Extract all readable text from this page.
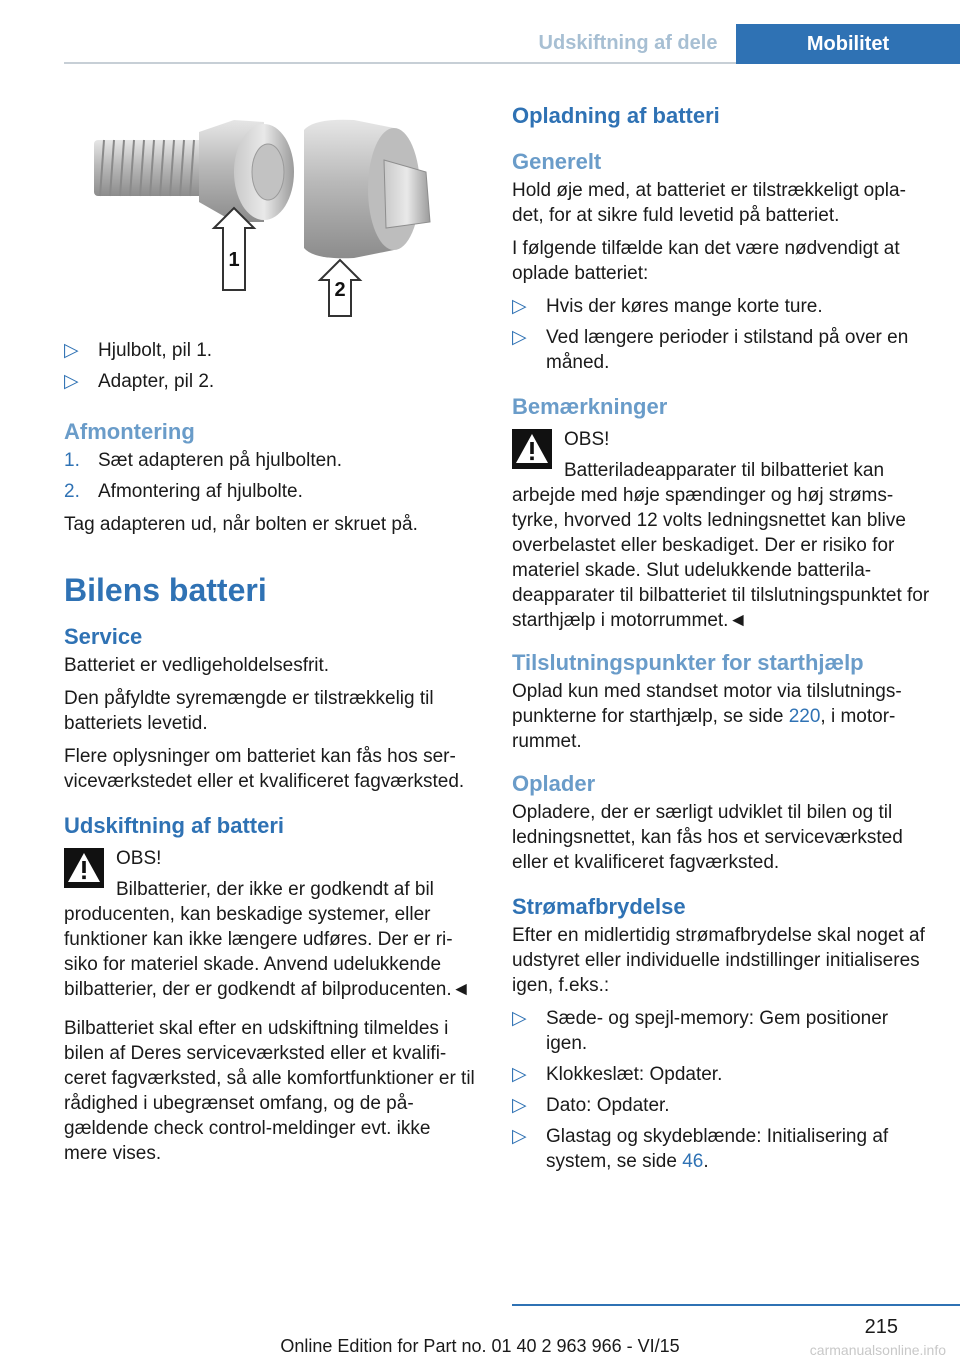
Udskiftning af dele	Mobilitet
1
2
▷ Hjulbolt, pil 1.
▷ Adapter, pil 2.
Afmontering
1. Sæt adapteren på hjulbolten.
2. Afmontering af hjulbolte.

Tag adapteren ud, når bolten er skruet på.

Bilens batteri
Service

Batteriet er vedligeholdelsesfrit.

Den påfyldte syremængde er tilstrækkelig til batteriets levetid.

Flere oplysninger om batteriet kan fås hos serviceværkstedet eller et kvalificeret fagværksted.

Udskiftning af batteri

OBS!

Bilbatterier, der ikke er godkendt af bil

producenten, kan beskadige systemer, eller funktioner kan ikke længere udføres. Der er risiko for materiel skade. Anvend udelukkende bilbatterier, der er godkendt af bilproducenten.◄

Bilbatteriet skal efter en udskiftning tilmeldes i bilen af Deres serviceværksted eller et kvalificeret fagværksted, så alle komfortfunktioner er til rådighed i ubegrænset omfang, og de pågældende check control-meldinger evt. ikke mere vises.

Opladning af batteri
Generelt

Hold øje med, at batteriet er tilstrækkeligt opladet, for at sikre fuld levetid på batteriet.

I følgende tilfælde kan det være nødvendigt at oplade batteriet:

▷ Hvis der køres mange korte ture.
▷ Ved længere perioder i stilstand på over en måned.
Bemærkninger

OBS!

Batteriladeapparater til bilbatteriet kan

arbejde med høje spændinger og høj strømstyrke, hvorved 12 volts ledningsnettet kan blive overbelastet eller beskadiget. Der er risiko for materiel skade. Slut udelukkende batteriladeapparater til bilbatteriet til tilslutningspunktet for starthjælp i motorrummet.◄

Tilslutningspunkter for starthjælp

Oplad kun med standset motor via tilslutningspunkterne for starthjælp, se side 220, i motorrummet.

Oplader

Opladere, der er særligt udviklet til bilen og til ledningsnettet, kan fås hos et serviceværksted eller et kvalificeret fagværksted.

Strømafbrydelse

Efter en midlertidig strømafbrydelse skal noget af udstyret eller individuelle indstillinger initialiseres igen, f.eks.:

▷ Sæde- og spejl-memory: Gem positioner igen.
▷ Klokkeslæt: Opdater.
▷ Dato: Opdater.
▷ Glastag og skydeblænde: Initialisering af system, se side 46.
215
Online Edition for Part no. 01 40 2 963 966 - VI/15	carmanualsonline.info
